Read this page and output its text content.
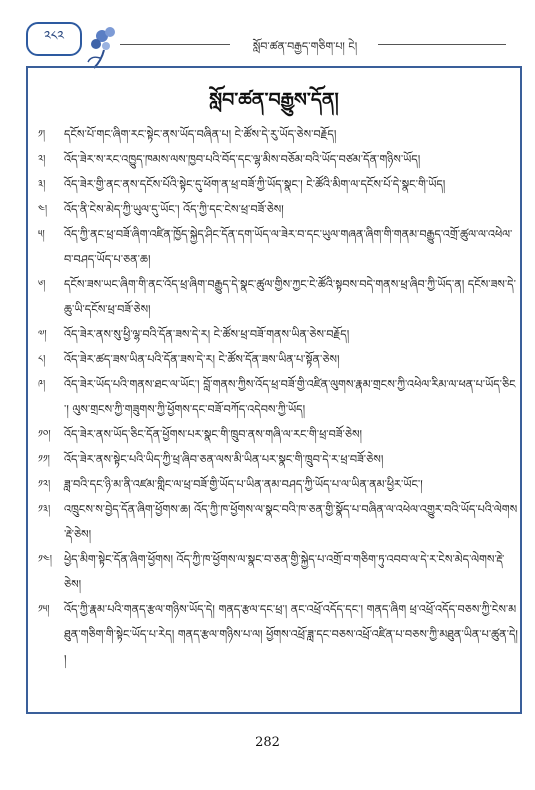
༢༨༢
སློབ་ཚན་བརྒྱད་གཅིག་པ། ངེ།
སློབ་ཚན་བརྒྱུས་དོན།
༡།	དངོས་པོ་གང་ཞིག་རང་སྟེང་ནས་ཡོད་བཞིན་པ། ངེ་ཚོས་དེ་རུ་ཡོད་ཅེས་བརྗོད།
༢།	འོད་ཟེར་ས་རང་འཁྱུད་ཁམས་ལས་ཁྱབ་པའི་བོད་དང་ལྷ་མིས་བཅོམ་བའི་ཡོད་བཙམ་དོན་གཉིས་ཡོད།
༣།	འོད་ཟེར་གྱི་ནང་ནས་དངོས་པོའི་སྟེང་དུ་ཕོག་ན་ཕྲ་བཟོ་ཀྱི་ཡོད་སྣང་། ངེ་ཚོའི་མིག་ལ་དངོས་པོ་དེ་སྣང་གི་ཡོད།
༤།	འོད་ནི་ངེས་མེད་ཀྱི་ཡུལ་དུ་ཡོང་། འོད་ཀྱི་དང་ངེས་ཕྲ་བཟོ་ཅེས།
༥།	འོད་ཀྱི་ནང་ཕྲ་བཟོ་ཞིག་འཛིན་ཁྱོད་སྐྱེད་ཤིང་དོན་དག་ཡོད་ལ་ཟེར་བ་དང་ཡུལ་གཞན་ཞིག་གི་གནམ་བརྒྱུད་འགྲོ་ཚུལ་ལ་འཕེལ་བ་བཤད་ཡོད་པ་ཅན་ཆ།
༦།	དངོས་ཟས་ཡང་ཞིག་གི་ནང་འོད་ཕྲ་ཞིག་བརྒྱུད་དེ་སྣང་ཚུལ་གྱིས་ཀྱང་ངེ་ཚོའི་སྟབས་བདེ་གནས་ཕྲ་ཞིབ་ཀྱི་ཡོད་ན། དངོས་ཟས་དེ་ཆུ་ཡི་དངོས་ཕྲ་བཟོ་ཅེས།
༧།	འོད་ཟེར་ནས་སུ་ཕྱི་ལྷ་བའི་དོན་ཟས་དེ་ར། ངེ་ཚོས་ཕྲ་བཟོ་གནས་ཡིན་ཅེས་བརྗོད།
༨།	འོད་ཟེར་ཚད་ཟས་ཡིན་པའི་དོན་ཟས་དེ་ར། ངེ་ཚོས་དོན་ཟས་ཡིན་པ་སྟོན་ཅེས།
༩།	འོད་ཟེར་ཡོད་པའི་གནས་ཐང་ལ་ཡོང་། བློ་གནས་ཀྱིས་འོད་ཕྲ་བཟོ་གྱི་འཛིན་ལུགས་རྣམ་གྲངས་ཀྱི་འཕེལ་རིམ་ལ་ཕན་པ་ཡོད་ཅིང་། ལུས་གྲངས་ཀྱི་གཟུགས་ཀྱི་ཕྱོགས་དང་བཟོ་བཀོད་འདེབས་ཀྱི་ཡོད།
༡༠།	འོད་ཟེར་ནས་ཡོད་ཅིང་དོན་ཕྱོགས་པར་སྣང་གི་ཁྲུབ་ནས་གཞི་ལ་རང་གི་ཕྲ་བཟོ་ཅེས།
༡༡།	འོད་ཟེར་ནས་སྟེང་པའི་ཡིད་ཀྱི་ཕྲ་ཞིབ་ཅན་ལས་མི་ཡིན་པར་སྣང་གི་ཁྲུབ་དེ་ར་ཕྲ་བཟོ་ཅེས།
༡༢།	ཟླ་བའི་དང་ཉི་མ་ནི་འཛམ་གླིང་ལ་ཕྲ་བཟོ་གྱི་ཡོད་པ་ཡིན་ནམ་བཤད་ཀྱི་ཡོད་པ་ལ་ཡིན་ནམ་ཕྱིར་ཡོང་།
༡༣།	འཁྲུངས་ས་བྱེད་དོན་ཞིག་ཕྱོགས་ཆ། འོད་ཀྱི་ཁ་ཕྱོགས་ལ་སྣང་བའི་ཁ་ཅན་གྱི་སྣོད་པ་བཞིན་ལ་འཕེལ་འགྱུར་བའི་ཡོད་པའི་ལེགས་རྡེ་ཅེས།
༡༤།	ཕྱེད་མིག་སྟེང་དོན་ཞིག་ཕྱོགས། འོད་ཀྱི་ཁ་ཕྱོགས་ལ་སྣང་བ་ཅན་གྱི་སྐྱེད་པ་འགྲོ་བ་གཅིག་ཏུ་འབབ་ལ་དེ་ར་ངེས་མེད་ལེགས་རྡེ་ཅེས།
༡༥།	འོད་ཀྱི་རྣམ་པའི་གནད་རྩལ་གཉིས་ཡོད་དེ། གནད་རྩལ་དང་ཕྲ་། ནང་འཕྲོ་འདོད་དང་། གནད་ཞིག ཕྲ་འཕྲོ་འདོད་བཅས་ཀྱི་ངེས་མཐུན་གཅིག་གི་སྟེང་ཡོད་པ་རེད། གནད་རྩལ་གཉིས་པ་ལ། ཕྱོགས་འཕྲོ་ཟླ་དང་བཅས་འཕྲོ་འཛིན་པ་བཅས་ཀྱི་མཐུན་ཡིན་པ་ཚུན་དེ། །
282
